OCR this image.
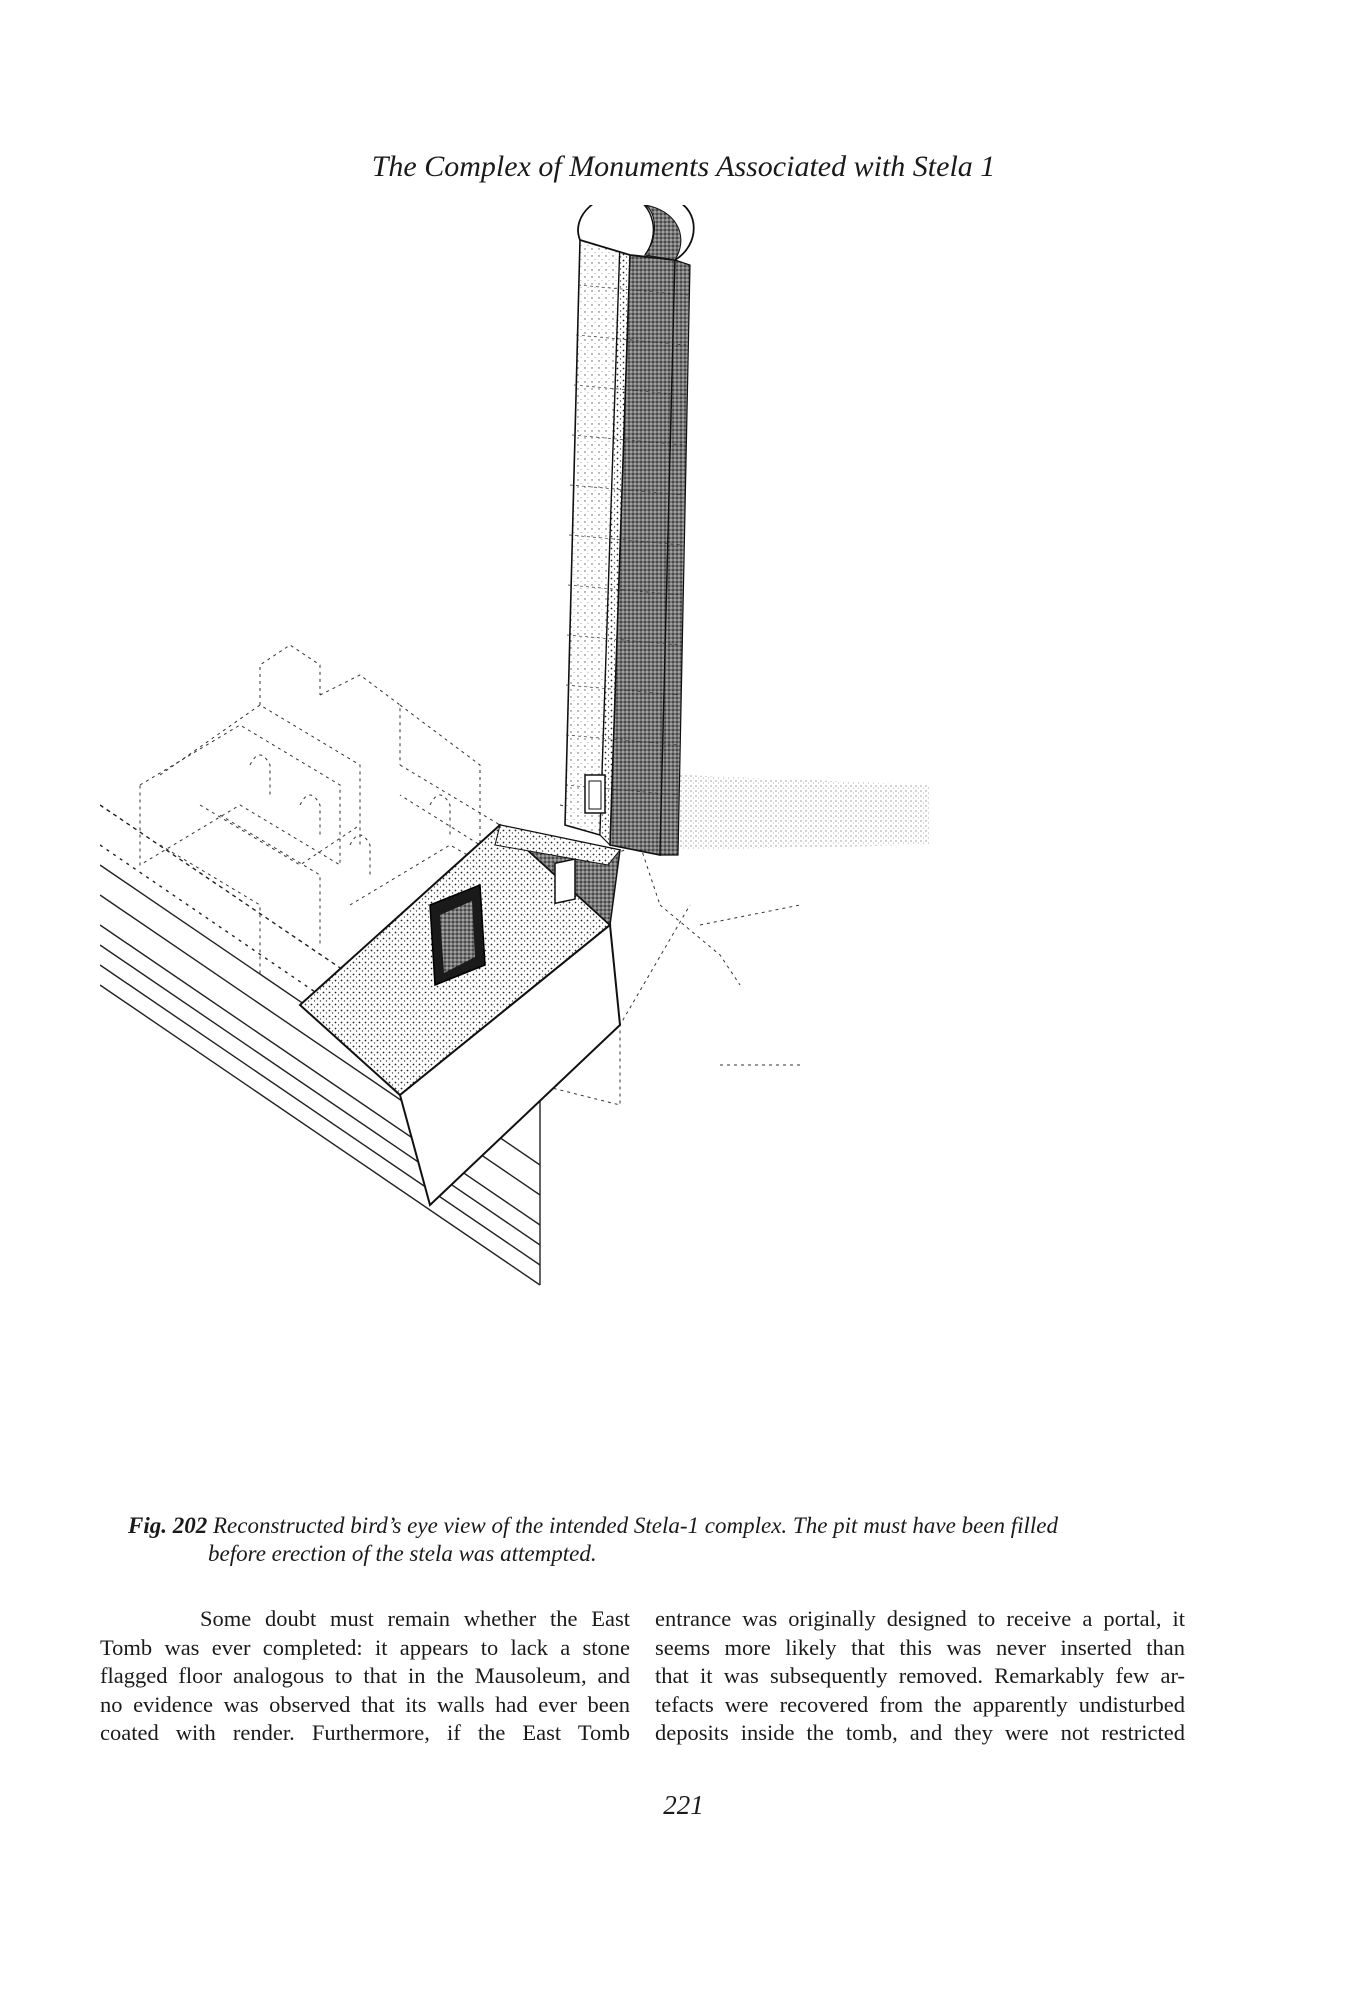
The Complex of Monuments Associated with Stela 1
Fig. 202 Reconstructed bird’s eye view of the intended Stela-1 complex. The pit must have been filled
before erection of the stela was attempted.

Some doubt must remain whether the East
Tomb was ever completed: it appears to lack a stone
flagged floor analogous to that in the Mausoleum, and
no evidence was observed that its walls had ever been
coated with render. Furthermore, if the East Tomb

entrance was originally designed to receive a portal, it
seems more likely that this was never inserted than
that it was subsequently removed. Remarkably few ar-
tefacts were recovered from the apparently undisturbed
deposits inside the tomb, and they were not restricted

221
